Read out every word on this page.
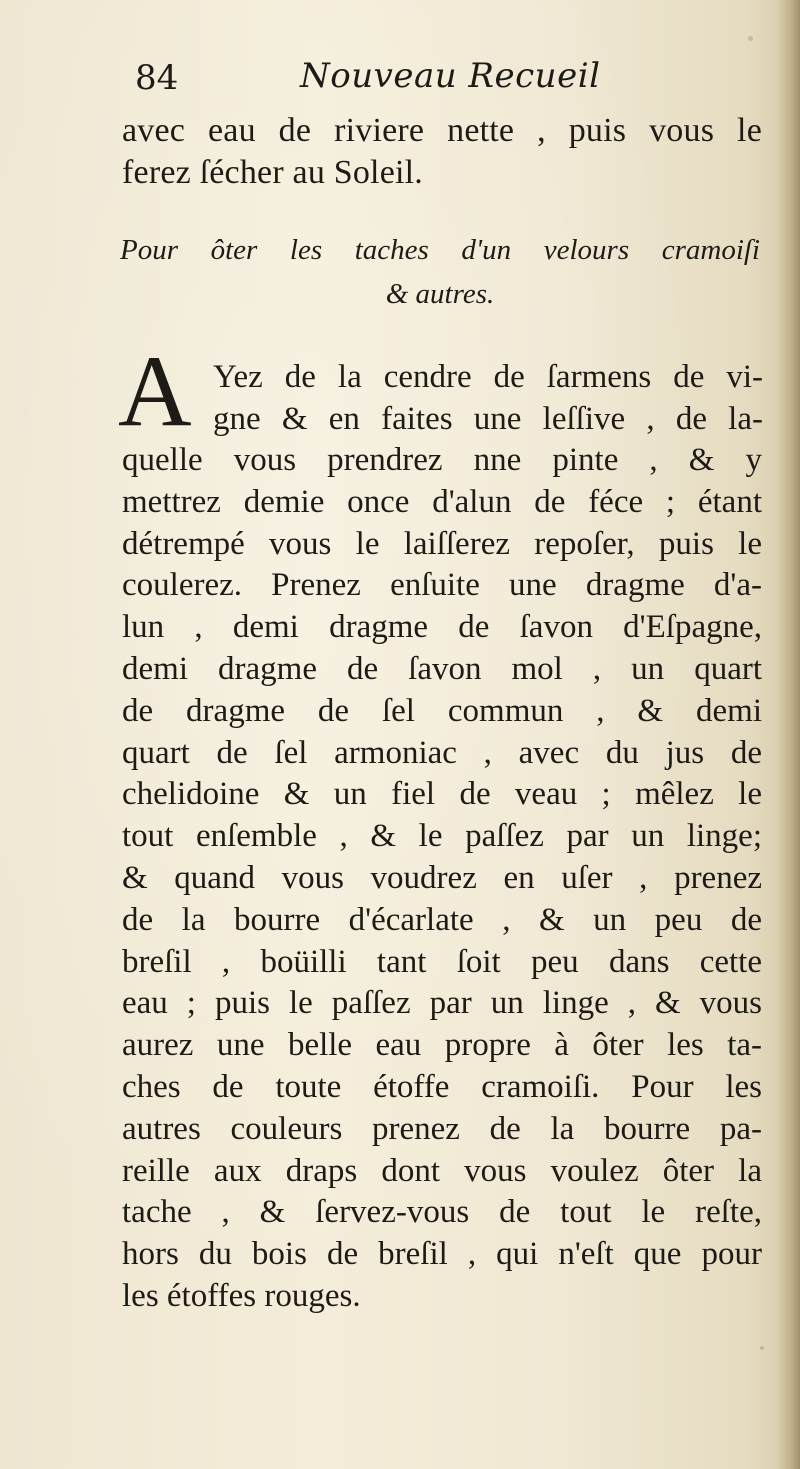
84	Nouveau Recueil
avec eau de riviere nette , puis vous le
ferez ſécher au Soleil.
Pour ôter les taches d'un velours cramoiſi
& autres.
A Yez de la cendre de ſarmens de vi-
gne & en faites une leſſive , de la-
quelle vous prendrez nne pinte , & y
mettrez demie once d'alun de féce ; étant
détrempé vous le laiſſerez repoſer, puis le
coulerez. Prenez enſuite une dragme d'a-
lun , demi dragme de ſavon d'Eſpagne,
demi dragme de ſavon mol , un quart
de dragme de ſel commun , & demi
quart de ſel armoniac , avec du jus de
chelidoine & un fiel de veau ; mêlez le
tout enſemble , & le paſſez par un linge;
& quand vous voudrez en uſer , prenez
de la bourre d'écarlate , & un peu de
breſil , boüilli tant ſoit peu dans cette
eau ; puis le paſſez par un linge , & vous
aurez une belle eau propre à ôter les ta-
ches de toute étoffe cramoiſi. Pour les
autres couleurs prenez de la bourre pa-
reille aux draps dont vous voulez ôter la
tache , & ſervez-vous de tout le reſte,
hors du bois de breſil , qui n'eſt que pour
les étoffes rouges.
